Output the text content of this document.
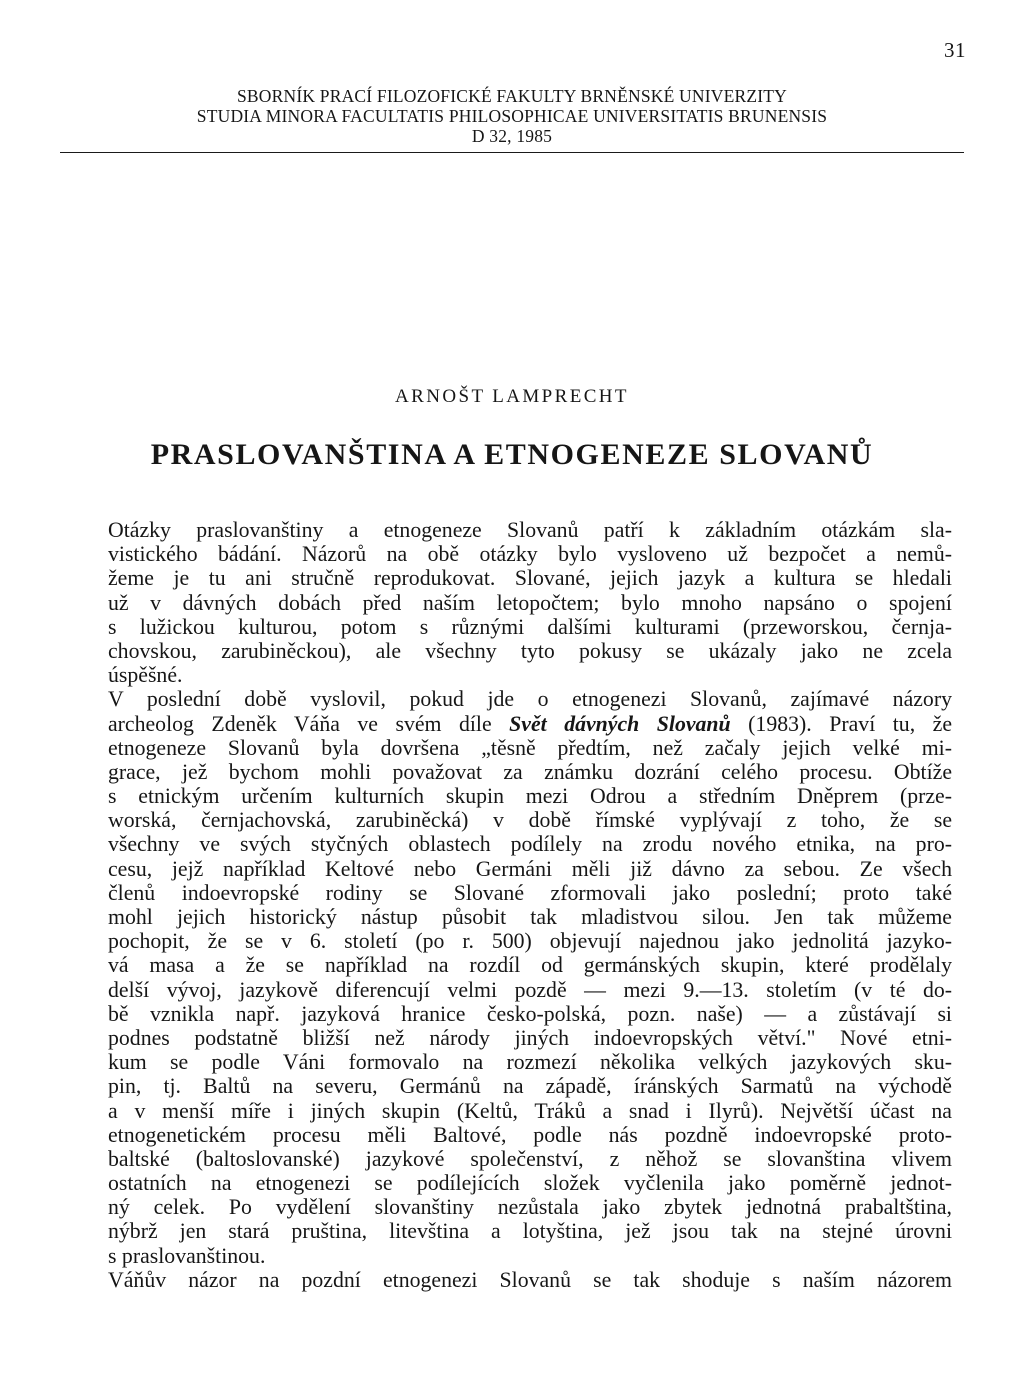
31
SBORNÍK PRACÍ FILOZOFICKÉ FAKULTY BRNĚNSKÉ UNIVERZITY
STUDIA MINORA FACULTATIS PHILOSOPHICAE UNIVERSITATIS BRUNENSIS
D 32, 1985
ARNOŠT LAMPRECHT
PRASLOVANŠTINA A ETNOGENEZE SLOVANŮ
Otázky praslovanštiny a etnogeneze Slovanů patří k základním otázkám sla-
vistického bádání. Názorů na obě otázky bylo vysloveno už bezpočet a nemů-
žeme je tu ani stručně reprodukovat. Slované, jejich jazyk a kultura se hledali
už v dávných dobách před naším letopočtem; bylo mnoho napsáno o spojení
s lužickou kulturou, potom s různými dalšími kulturami (przeworskou, černja-
chovskou, zarubiněckou), ale všechny tyto pokusy se ukázaly jako ne zcela
úspěšné.
V poslední době vyslovil, pokud jde o etnogenezi Slovanů, zajímavé názory
archeolog Zdeněk Váňa ve svém díle Svět dávných Slovanů (1983). Praví tu, že
etnogeneze Slovanů byla dovršena „těsně předtím, než začaly jejich velké mi-
grace, jež bychom mohli považovat za známku dozrání celého procesu. Obtíže
s etnickým určením kulturních skupin mezi Odrou a středním Dněprem (prze-
worská, černjachovská, zarubiněcká) v době římské vyplývají z toho, že se
všechny ve svých styčných oblastech podílely na zrodu nového etnika, na pro-
cesu, jejž například Keltové nebo Germáni měli již dávno za sebou. Ze všech
členů indoevropské rodiny se Slované zformovali jako poslední; proto také
mohl jejich historický nástup působit tak mladistvou silou. Jen tak můžeme
pochopit, že se v 6. století (po r. 500) objevují najednou jako jednolitá jazyko-
vá masa a že se například na rozdíl od germánských skupin, které prodělaly
delší vývoj, jazykově diferencují velmi pozdě — mezi 9.—13. stoletím (v té do-
bě vznikla např. jazyková hranice česko-polská, pozn. naše) — a zůstávají si
podnes podstatně bližší než národy jiných indoevropských větví." Nové etni-
kum se podle Váni formovalo na rozmezí několika velkých jazykových sku-
pin, tj. Baltů na severu, Germánů na západě, íránských Sarmatů na východě
a v menší míře i jiných skupin (Keltů, Tráků a snad i Ilyrů). Největší účast na
etnogenetickém procesu měli Baltové, podle nás pozdně indoevropské proto-
baltské (baltoslovanské) jazykové společenství, z něhož se slovanština vlivem
ostatních na etnogenezi se podílejících složek vyčlenila jako poměrně jednot-
ný celek. Po vydělení slovanštiny nezůstala jako zbytek jednotná prabaltština,
nýbrž jen stará pruština, litevština a lotyština, jež jsou tak na stejné úrovni
s praslovanštinou.
Váňův názor na pozdní etnogenezi Slovanů se tak shoduje s naším názorem
